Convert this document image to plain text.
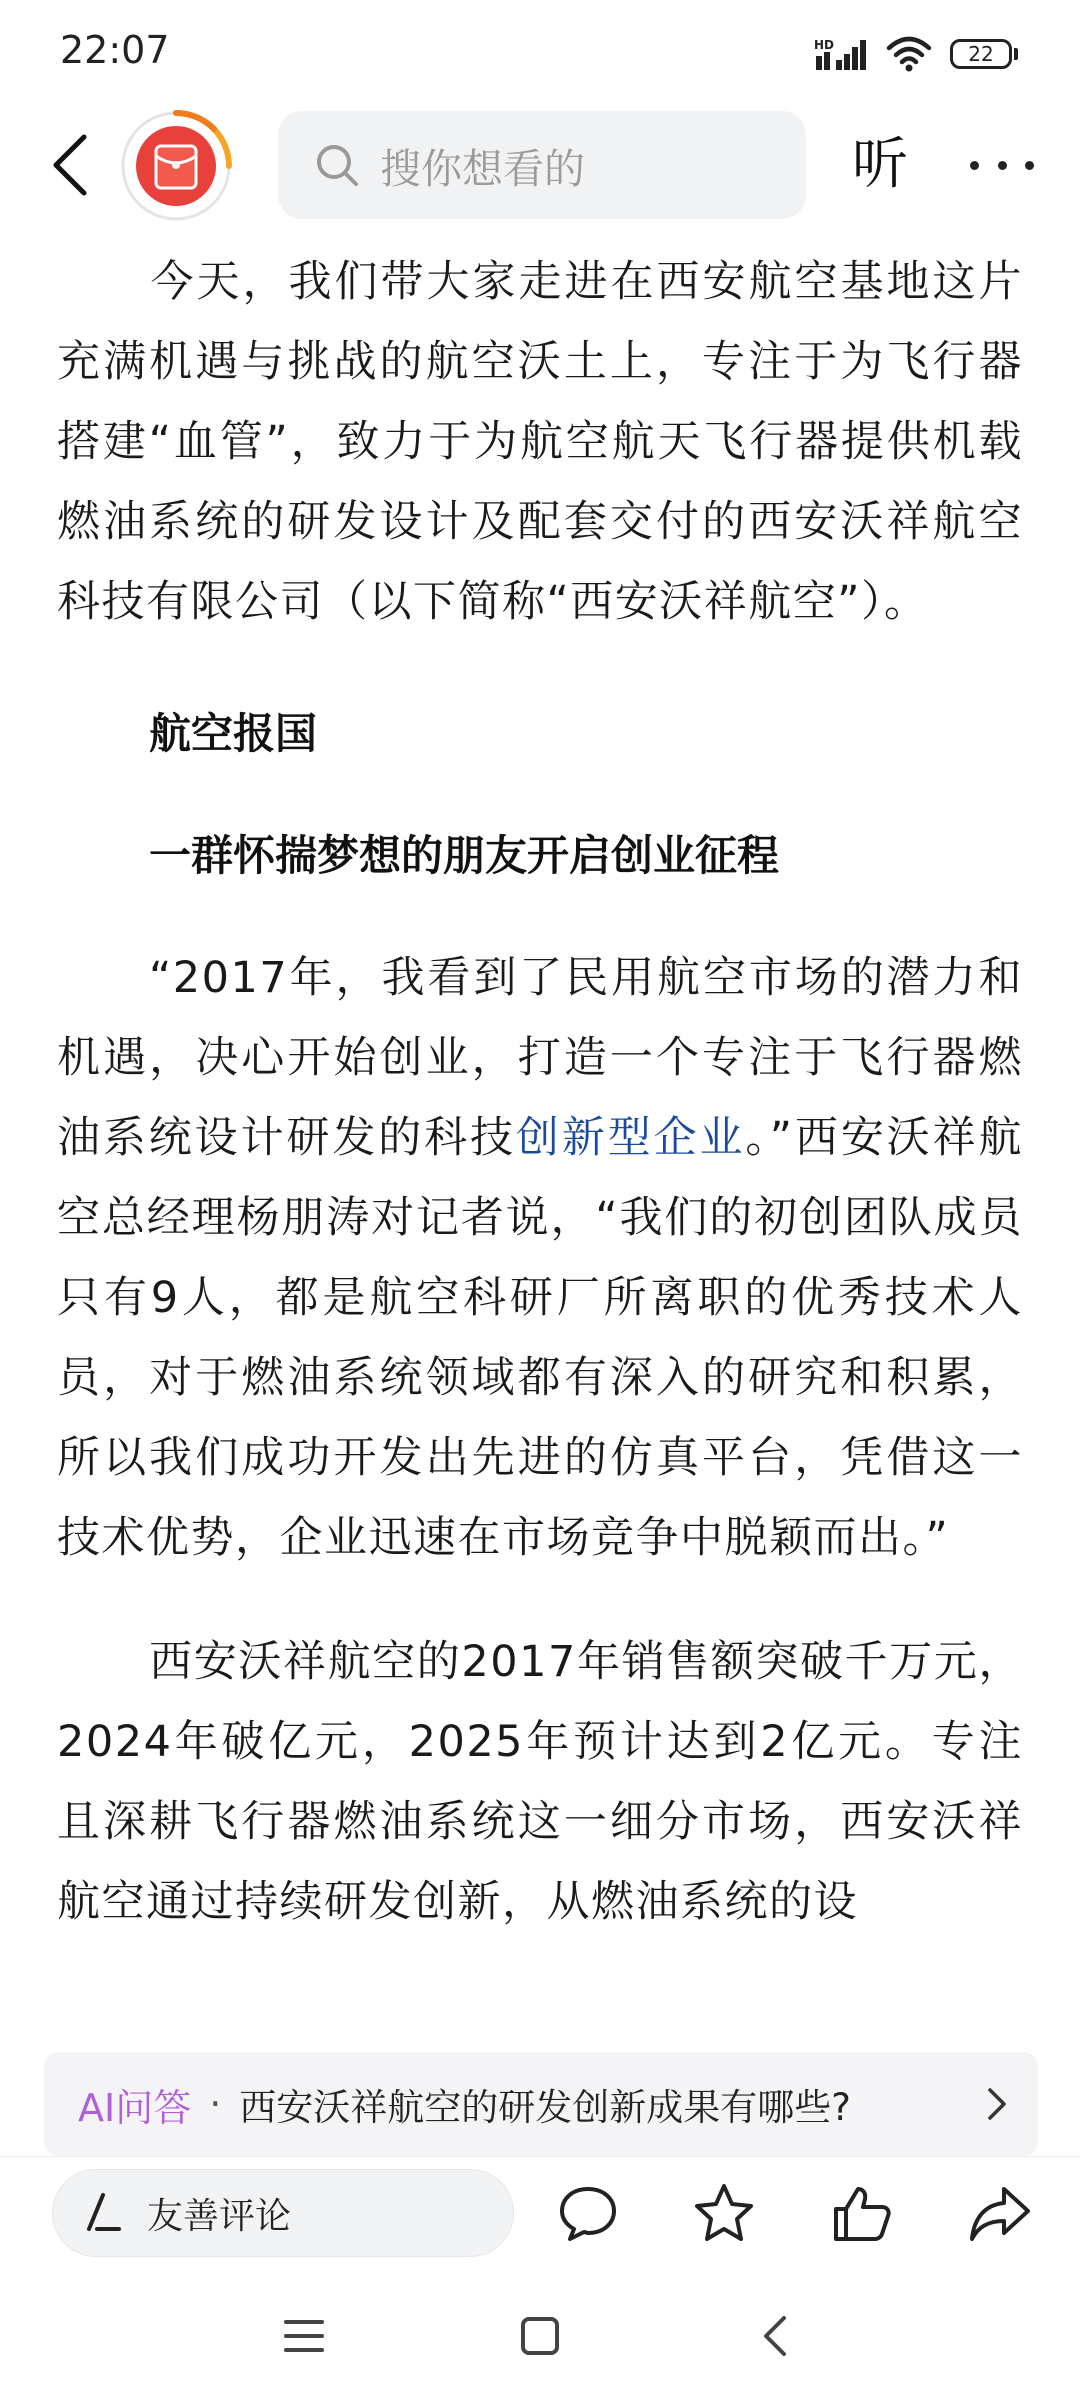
22:07	HD	22
搜你想看的	听

今天，我们带大家走进在西安航空基地这片充满机遇与挑战的航空沃土上，专注于为飞行器搭建“血管”，致力于为航空航天飞行器提供机载燃油系统的研发设计及配套交付的西安沃祥航空科技有限公司（以下简称“西安沃祥航空”）。

航空报国
一群怀揣梦想的朋友开启创业征程

“2017年，我看到了民用航空市场的潜力和机遇，决心开始创业，打造一个专注于飞行器燃油系统设计研发的科技创新型企业。”西安沃祥航空总经理杨朋涛对记者说，“我们的初创团队成员只有9人，都是航空科研厂所离职的优秀技术人员，对于燃油系统领域都有深入的研究和积累，所以我们成功开发出先进的仿真平台，凭借这一技术优势，企业迅速在市场竞争中脱颖而出。”

西安沃祥航空的2017年销售额突破千万元，2024年破亿元，2025年预计达到2亿元。专注且深耕飞行器燃油系统这一细分市场，西安沃祥航空通过持续研发创新，从燃油系统的设

AI问答 · 西安沃祥航空的研发创新成果有哪些?
友善评论
